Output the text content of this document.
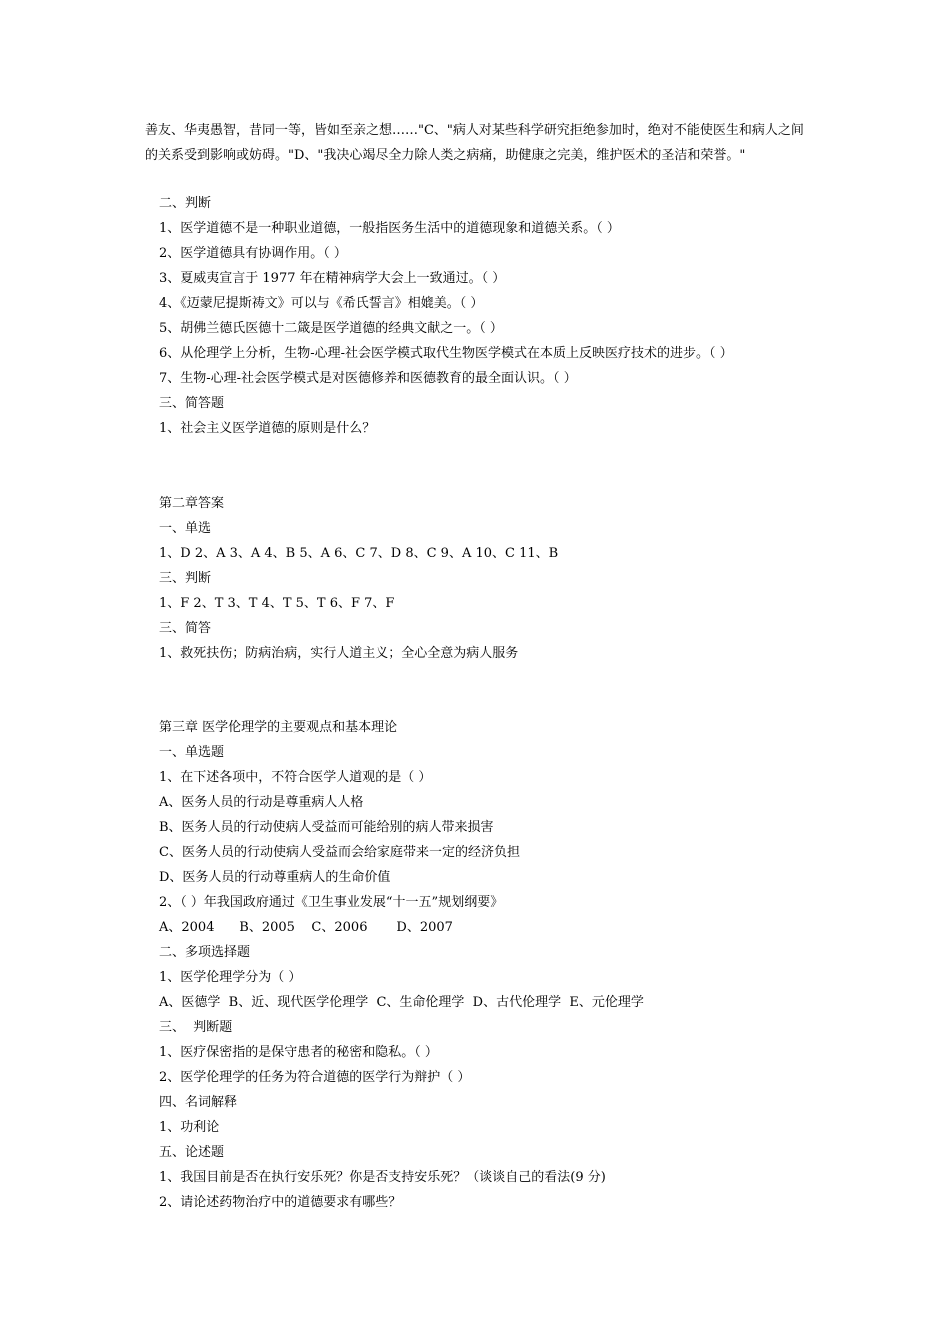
善友、华夷愚智，昔同一等，皆如至亲之想……"C、"病人对某些科学研究拒绝参加时，绝对不能使医生和病人之间的关系受到影响或妨碍。"D、"我决心竭尽全力除人类之病痛，助健康之完美，维护医术的圣洁和荣誉。"
二、判断
1、医学道德不是一种职业道德，一般指医务生活中的道德现象和道德关系。（ ）
2、医学道德具有协调作用。（ ）
3、夏威夷宣言于 1977 年在精神病学大会上一致通过。（ ）
4、《迈蒙尼提斯祷文》可以与《希氏誓言》相媲美。（ ）
5、胡佛兰德氏医德十二箴是医学道德的经典文献之一。（ ）
6、从伦理学上分析，生物-心理-社会医学模式取代生物医学模式在本质上反映医疗技术的进步。（ ）
7、生物-心理-社会医学模式是对医德修养和医德教育的最全面认识。（ ）
三、简答题
1、社会主义医学道德的原则是什么？
第二章答案
一、单选
1、D 2、A 3、A 4、B 5、A 6、C 7、D 8、C 9、A 10、C 11、B
三、判断
1、F 2、T 3、T 4、T 5、T 6、F 7、F
三、简答
1、救死扶伤；防病治病，实行人道主义；全心全意为病人服务
第三章 医学伦理学的主要观点和基本理论
一、单选题
1、在下述各项中，不符合医学人道观的是（ ）
A、医务人员的行动是尊重病人人格
B、医务人员的行动使病人受益而可能给别的病人带来损害
C、医务人员的行动使病人受益而会给家庭带来一定的经济负担
D、医务人员的行动尊重病人的生命价值
2、（ ）年我国政府通过《卫生事业发展“十一五”规划纲要》
A、2004      B、2005    C、2006       D、2007
二、多项选择题
1、医学伦理学分为（ ）
A、医德学  B、近、现代医学伦理学  C、生命伦理学  D、古代伦理学  E、元伦理学
三、  判断题
1、医疗保密指的是保守患者的秘密和隐私。（ ）
2、医学伦理学的任务为符合道德的医学行为辩护（ ）
四、名词解释
1、功利论
五、论述题
1、我国目前是否在执行安乐死？你是否支持安乐死？（谈谈自己的看法(9 分)
2、请论述药物治疗中的道德要求有哪些？
